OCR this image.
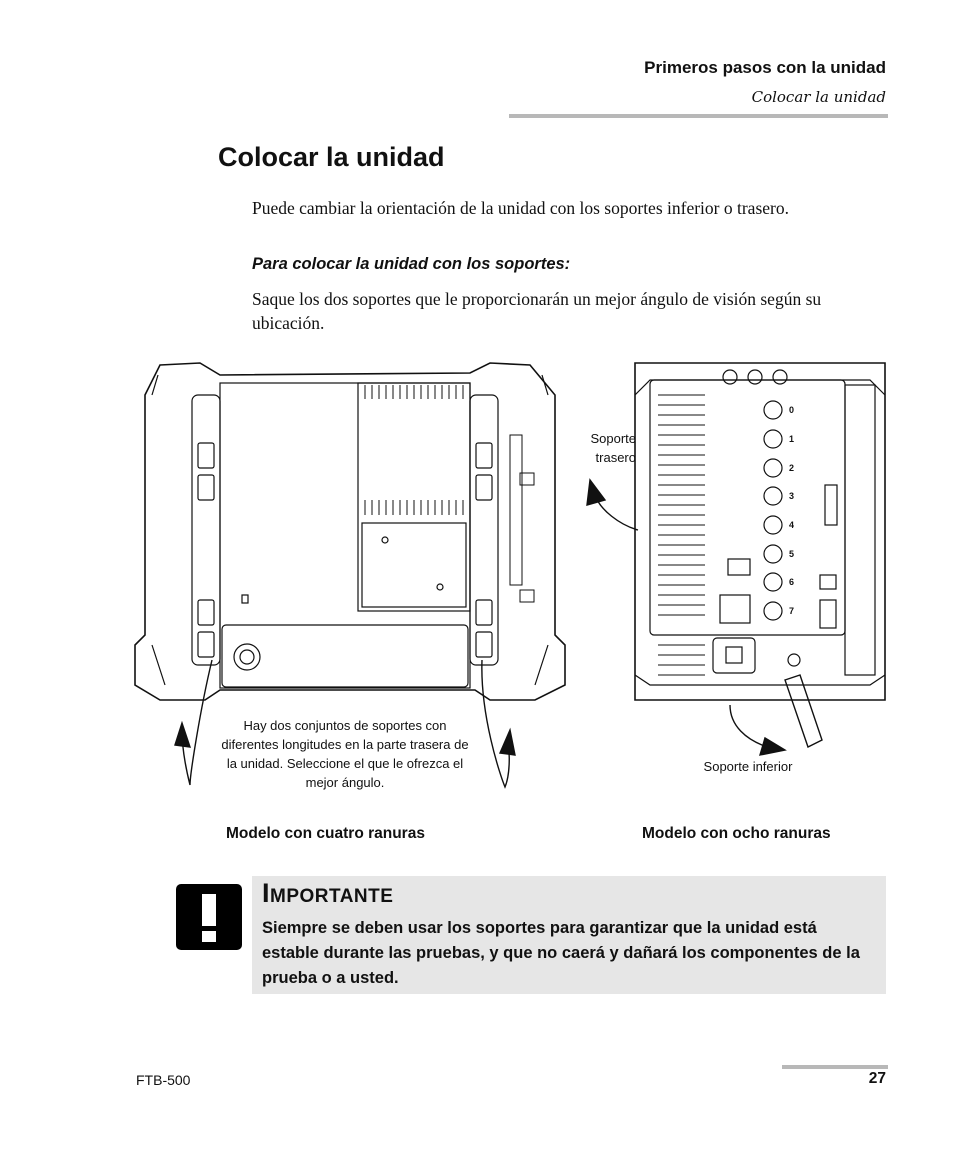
Primeros pasos con la unidad
Colocar la unidad
Colocar la unidad

Puede cambiar la orientación de la unidad con los soportes inferior o trasero.

Para colocar la unidad con los soportes:

Saque los dos soportes que le proporcionarán un mejor ángulo de visión según su ubicación.

0
1
2
3
4
5
6
7

Hay dos conjuntos de soportes con diferentes longitudes en la parte trasera de la unidad. Seleccione el que le ofrezca el mejor ángulo.

Soporte trasero

Soporte inferior

Modelo con cuatro ranuras	Modelo con ocho ranuras
Importante

Siempre se deben usar los soportes para garantizar que la unidad está estable durante las pruebas, y que no caerá y dañará los componentes de la prueba o a usted.

FTB-500	27
